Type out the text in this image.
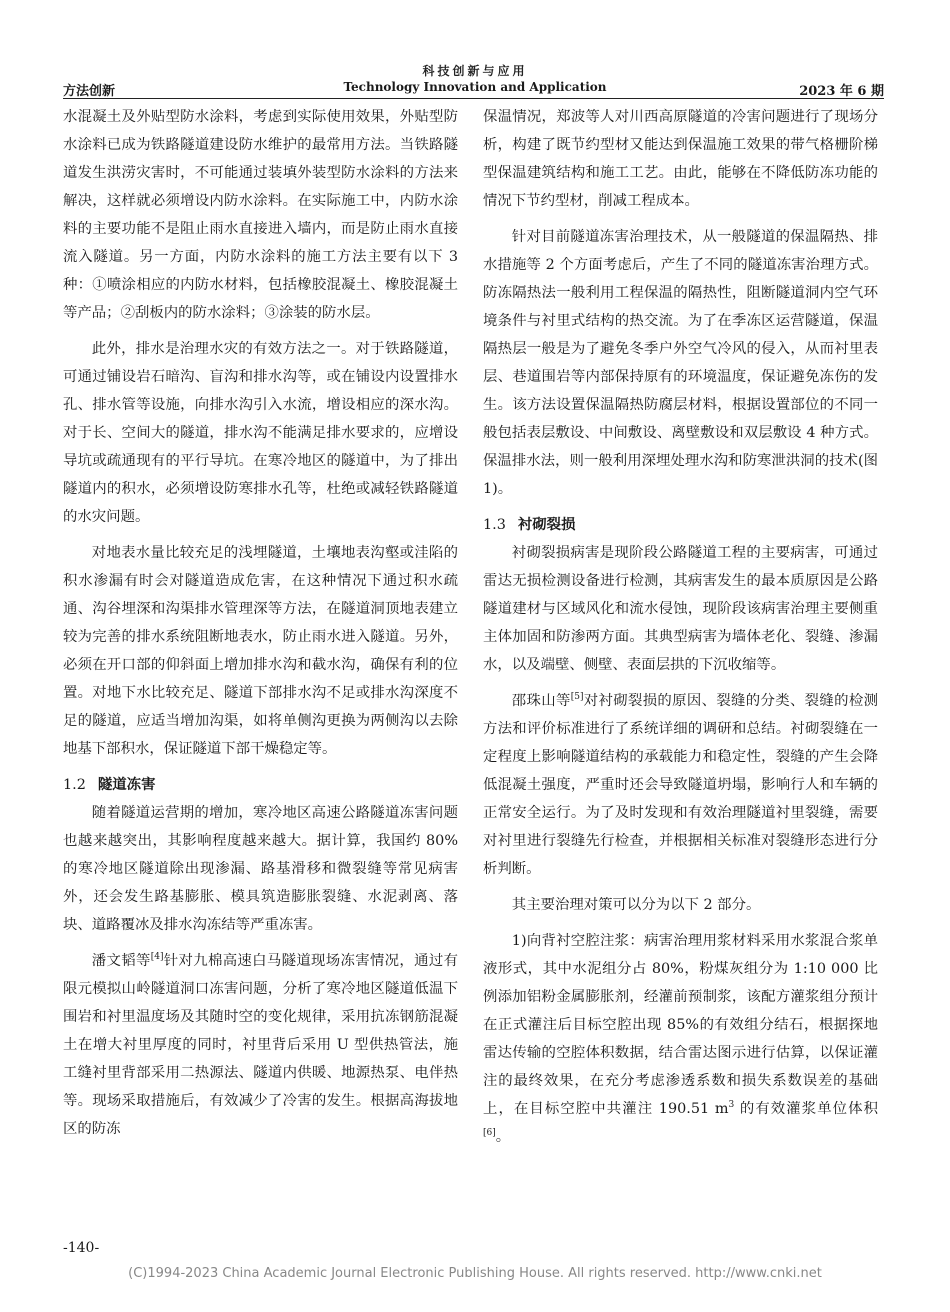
科技创新与应用
方法创新	Technology Innovation and Application	2023 年 6 期

水混凝土及外贴型防水涂料，考虑到实际使用效果，外贴型防水涂料已成为铁路隧道建设防水维护的最常用方法。当铁路隧道发生洪涝灾害时，不可能通过装填外装型防水涂料的方法来解决，这样就必须增设内防水涂料。在实际施工中，内防水涂料的主要功能不是阻止雨水直接进入墙内，而是防止雨水直接流入隧道。另一方面，内防水涂料的施工方法主要有以下 3 种：①喷涂相应的内防水材料，包括橡胶混凝土、橡胶混凝土等产品；②刮板内的防水涂料；③涂装的防水层。

此外，排水是治理水灾的有效方法之一。对于铁路隧道，可通过铺设岩石暗沟、盲沟和排水沟等，或在铺设内设置排水孔、排水管等设施，向排水沟引入水流，增设相应的深水沟。对于长、空间大的隧道，排水沟不能满足排水要求的，应增设导坑或疏通现有的平行导坑。在寒冷地区的隧道中，为了排出隧道内的积水，必须增设防寒排水孔等，杜绝或减轻铁路隧道的水灾问题。

对地表水量比较充足的浅埋隧道，土壤地表沟壑或洼陷的积水渗漏有时会对隧道造成危害，在这种情况下通过积水疏通、沟谷埋深和沟渠排水管理深等方法，在隧道洞顶地表建立较为完善的排水系统阻断地表水，防止雨水进入隧道。另外，必须在开口部的仰斜面上增加排水沟和截水沟，确保有利的位置。对地下水比较充足、隧道下部排水沟不足或排水沟深度不足的隧道，应适当增加沟渠，如将单侧沟更换为两侧沟以去除地基下部积水，保证隧道下部干燥稳定等。

1.2 隧道冻害

随着隧道运营期的增加，寒冷地区高速公路隧道冻害问题也越来越突出，其影响程度越来越大。据计算，我国约 80%的寒冷地区隧道除出现渗漏、路基滑移和微裂缝等常见病害外，还会发生路基膨胀、模具筑造膨胀裂缝、水泥剥离、落块、道路覆冰及排水沟冻结等严重冻害。

潘文韬等[4]针对九棉高速白马隧道现场冻害情况，通过有限元模拟山岭隧道洞口冻害问题，分析了寒冷地区隧道低温下围岩和衬里温度场及其随时空的变化规律，采用抗冻钢筋混凝土在增大衬里厚度的同时，衬里背后采用 U 型供热管法，施工缝衬里背部采用二热源法、隧道内供暖、地源热泵、电伴热等。现场采取措施后，有效减少了冷害的发生。根据高海拔地区的防冻

保温情况，郑波等人对川西高原隧道的冷害问题进行了现场分析，构建了既节约型材又能达到保温施工效果的带气格栅阶梯型保温建筑结构和施工工艺。由此，能够在不降低防冻功能的情况下节约型材，削减工程成本。

针对目前隧道冻害治理技术，从一般隧道的保温隔热、排水措施等 2 个方面考虑后，产生了不同的隧道冻害治理方式。防冻隔热法一般利用工程保温的隔热性，阻断隧道洞内空气环境条件与衬里式结构的热交流。为了在季冻区运营隧道，保温隔热层一般是为了避免冬季户外空气冷风的侵入，从而衬里表层、巷道围岩等内部保持原有的环境温度，保证避免冻伤的发生。该方法设置保温隔热防腐层材料，根据设置部位的不同一般包括表层敷设、中间敷设、离壁敷设和双层敷设 4 种方式。保温排水法，则一般利用深埋处理水沟和防寒泄洪洞的技术(图 1)。

1.3 衬砌裂损

衬砌裂损病害是现阶段公路隧道工程的主要病害，可通过雷达无损检测设备进行检测，其病害发生的最本质原因是公路隧道建材与区域风化和流水侵蚀，现阶段该病害治理主要侧重主体加固和防渗两方面。其典型病害为墙体老化、裂缝、渗漏水，以及端壁、侧壁、表面层拱的下沉收缩等。

邵珠山等[5]对衬砌裂损的原因、裂缝的分类、裂缝的检测方法和评价标准进行了系统详细的调研和总结。衬砌裂缝在一定程度上影响隧道结构的承载能力和稳定性，裂缝的产生会降低混凝土强度，严重时还会导致隧道坍塌，影响行人和车辆的正常安全运行。为了及时发现和有效治理隧道衬里裂缝，需要对衬里进行裂缝先行检查，并根据相关标准对裂缝形态进行分析判断。

其主要治理对策可以分为以下 2 部分。

1)向背衬空腔注浆：病害治理用浆材料采用水浆混合浆单液形式，其中水泥组分占 80%，粉煤灰组分为 1:10 000 比例添加铝粉金属膨胀剂，经灌前预制浆，该配方灌浆组分预计在正式灌注后目标空腔出现 85%的有效组分结石，根据探地雷达传输的空腔体积数据，结合雷达图示进行估算，以保证灌注的最终效果，在充分考虑渗透系数和损失系数误差的基础上，在目标空腔中共灌注 190.51 $m^3$ 的有效灌浆单位体积[6]。

-140-
(C)1994-2023 China Academic Journal Electronic Publishing House. All rights reserved. http://www.cnki.net
